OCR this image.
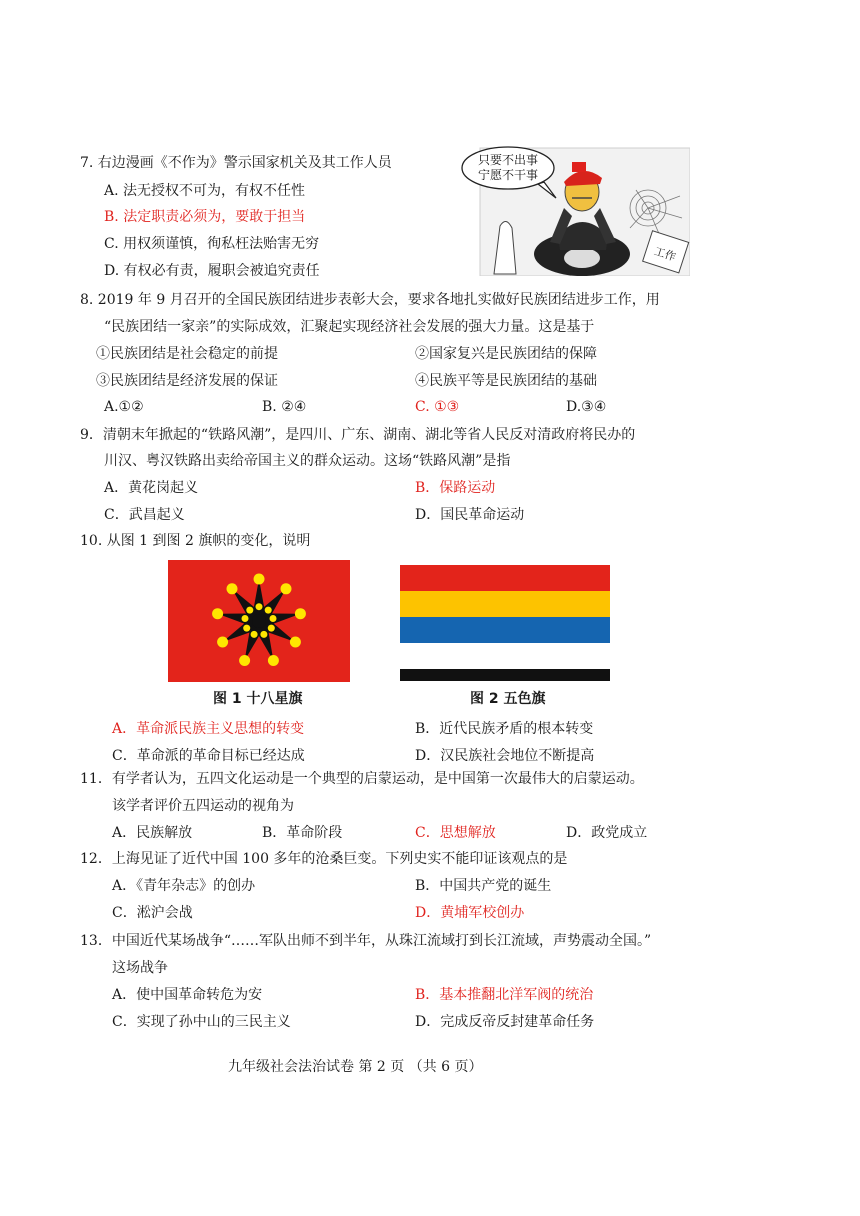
7. 右边漫画《不作为》警示国家机关及其工作人员
A. 法无授权不可为，有权不任性
B. 法定职责必须为，要敢于担当
C. 用权须谨慎，徇私枉法贻害无穷
D. 有权必有责，履职会被追究责任
只要不出事
宁愿不干事
工作
8. 2019 年 9 月召开的全国民族团结进步表彰大会，要求各地扎实做好民族团结进步工作，用
“民族团结一家亲”的实际成效，汇聚起实现经济社会发展的强大力量。这是基于
①民族团结是社会稳定的前提	②国家复兴是民族团结的保障
③民族团结是经济发展的保证	④民族平等是民族团结的基础
A.①②	B. ②④	C. ①③	D.③④
9．清朝末年掀起的“铁路风潮”，是四川、广东、湖南、湖北等省人民反对清政府将民办的
川汉、粤汉铁路出卖给帝国主义的群众运动。这场“铁路风潮”是指
A．黄花岗起义	B．保路运动
C．武昌起义	D．国民革命运动
10. 从图 1 到图 2 旗帜的变化，说明
图 1 十八星旗	图 2 五色旗
A．革命派民族主义思想的转变	B．近代民族矛盾的根本转变
C．革命派的革命目标已经达成	D．汉民族社会地位不断提高
11．有学者认为，五四文化运动是一个典型的启蒙运动，是中国第一次最伟大的启蒙运动。
该学者评价五四运动的视角为
A．民族解放	B．革命阶段	C．思想解放	D．政党成立
12．上海见证了近代中国 100 多年的沧桑巨变。下列史实不能印证该观点的是
A．《青年杂志》的创办	B．中国共产党的诞生
C．淞沪会战	D．黄埔军校创办
13．中国近代某场战争“……军队出师不到半年，从珠江流域打到长江流域，声势震动全国。”
这场战争
A．使中国革命转危为安	B．基本推翻北洋军阀的统治
C．实现了孙中山的三民主义	D．完成反帝反封建革命任务
九年级社会法治试卷 第 2 页 （共 6 页）
